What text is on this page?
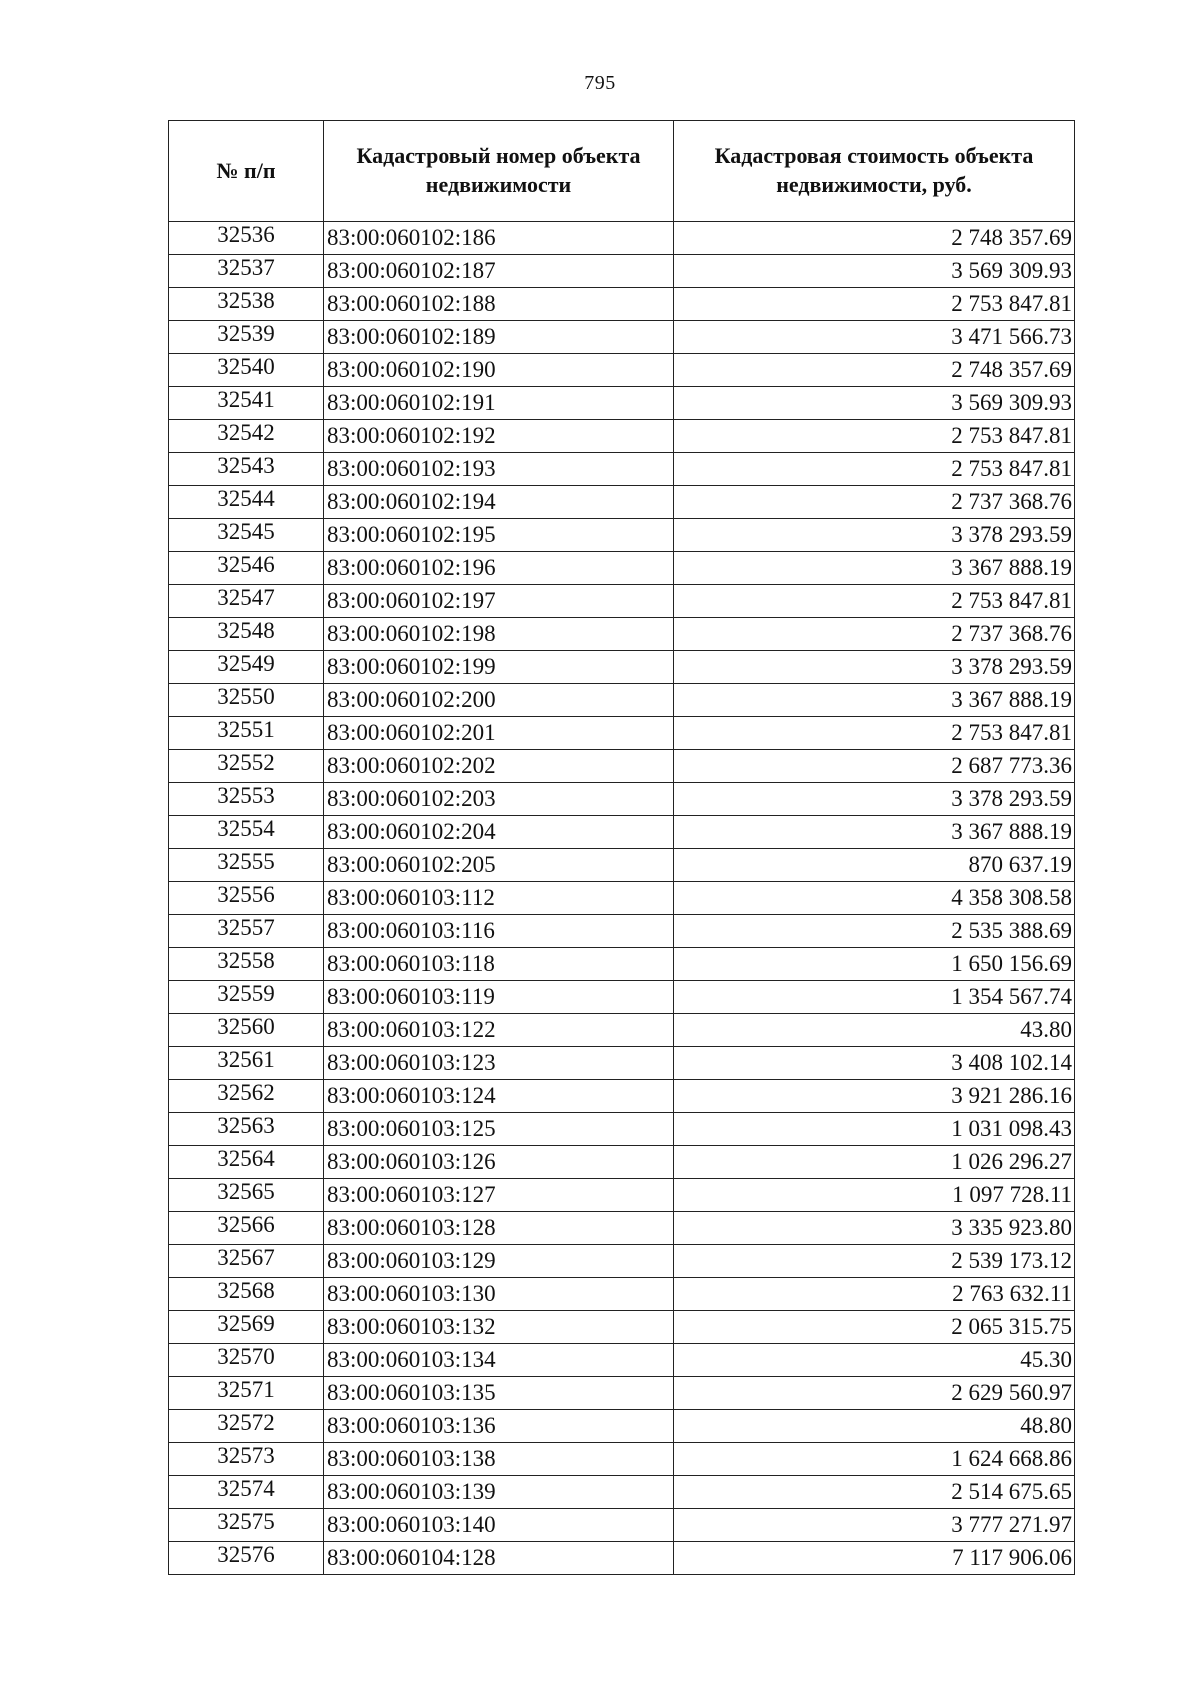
795
№ п/п	Кадастровый номер объекта недвижимости	Кадастровая стоимость объекта недвижимости, руб.
32536	83:00:060102:186	2 748 357.69
32537	83:00:060102:187	3 569 309.93
32538	83:00:060102:188	2 753 847.81
32539	83:00:060102:189	3 471 566.73
32540	83:00:060102:190	2 748 357.69
32541	83:00:060102:191	3 569 309.93
32542	83:00:060102:192	2 753 847.81
32543	83:00:060102:193	2 753 847.81
32544	83:00:060102:194	2 737 368.76
32545	83:00:060102:195	3 378 293.59
32546	83:00:060102:196	3 367 888.19
32547	83:00:060102:197	2 753 847.81
32548	83:00:060102:198	2 737 368.76
32549	83:00:060102:199	3 378 293.59
32550	83:00:060102:200	3 367 888.19
32551	83:00:060102:201	2 753 847.81
32552	83:00:060102:202	2 687 773.36
32553	83:00:060102:203	3 378 293.59
32554	83:00:060102:204	3 367 888.19
32555	83:00:060102:205	870 637.19
32556	83:00:060103:112	4 358 308.58
32557	83:00:060103:116	2 535 388.69
32558	83:00:060103:118	1 650 156.69
32559	83:00:060103:119	1 354 567.74
32560	83:00:060103:122	43.80
32561	83:00:060103:123	3 408 102.14
32562	83:00:060103:124	3 921 286.16
32563	83:00:060103:125	1 031 098.43
32564	83:00:060103:126	1 026 296.27
32565	83:00:060103:127	1 097 728.11
32566	83:00:060103:128	3 335 923.80
32567	83:00:060103:129	2 539 173.12
32568	83:00:060103:130	2 763 632.11
32569	83:00:060103:132	2 065 315.75
32570	83:00:060103:134	45.30
32571	83:00:060103:135	2 629 560.97
32572	83:00:060103:136	48.80
32573	83:00:060103:138	1 624 668.86
32574	83:00:060103:139	2 514 675.65
32575	83:00:060103:140	3 777 271.97
32576	83:00:060104:128	7 117 906.06
